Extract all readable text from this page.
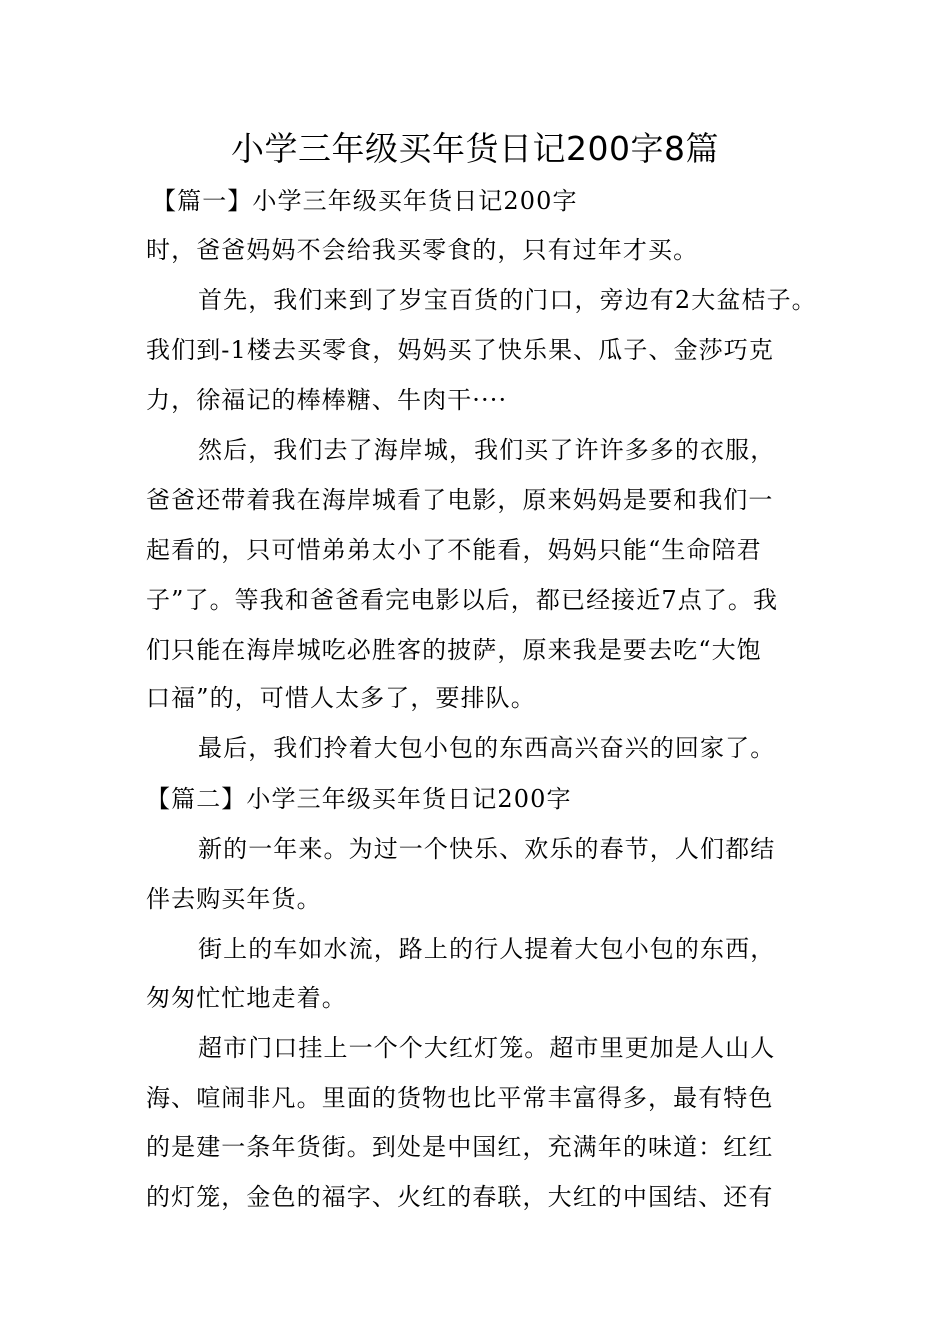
小学三年级买年货日记200字8篇

【篇一】小学三年级买年货日记200字

时，爸爸妈妈不会给我买零食的，只有过年才买。

首先，我们来到了岁宝百货的门口，旁边有2大盆桔子。

我们到-1楼去买零食，妈妈买了快乐果、瓜子、金莎巧克

力，徐福记的棒棒糖、牛肉干····

然后，我们去了海岸城，我们买了许许多多的衣服，

爸爸还带着我在海岸城看了电影，原来妈妈是要和我们一

起看的，只可惜弟弟太小了不能看，妈妈只能“生命陪君

子”了。等我和爸爸看完电影以后，都已经接近7点了。我

们只能在海岸城吃必胜客的披萨，原来我是要去吃“大饱

口福”的，可惜人太多了，要排队。

最后，我们拎着大包小包的东西高兴奋兴的回家了。

【篇二】小学三年级买年货日记200字

新的一年来。为过一个快乐、欢乐的春节，人们都结

伴去购买年货。

街上的车如水流，路上的行人提着大包小包的东西，

匆匆忙忙地走着。

超市门口挂上一个个大红灯笼。超市里更加是人山人

海、喧闹非凡。里面的货物也比平常丰富得多，最有特色

的是建一条年货街。到处是中国红，充满年的味道：红红

的灯笼，金色的福字、火红的春联，大红的中国结、还有
